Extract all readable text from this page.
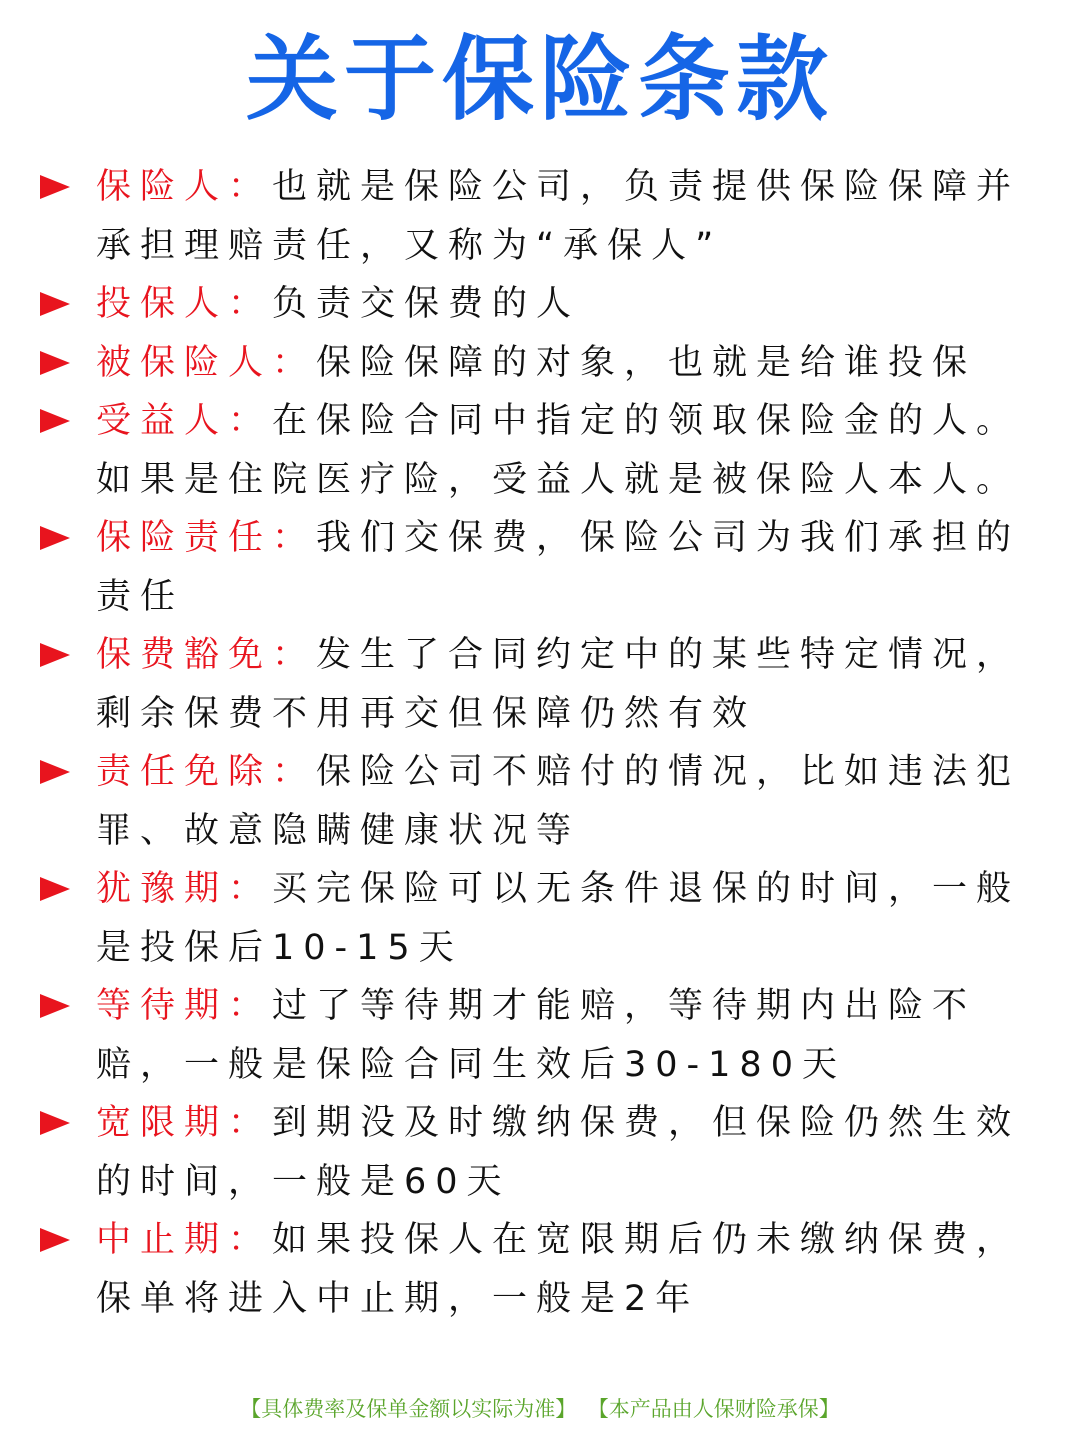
关于保险条款
保险人：也就是保险公司，负责提供保险保障并承担理赔责任，又称为“承保人”
投保人：负责交保费的人
被保险人：保险保障的对象，也就是给谁投保
受益人：在保险合同中指定的领取保险金的人。如果是住院医疗险，受益人就是被保险人本人。
保险责任：我们交保费，保险公司为我们承担的责任
保费豁免：发生了合同约定中的某些特定情况，剩余保费不用再交但保障仍然有效
责任免除：保险公司不赔付的情况，比如违法犯罪、故意隐瞒健康状况等
犹豫期：买完保险可以无条件退保的时间，一般是投保后10-15天
等待期：过了等待期才能赔，等待期内出险不赔，一般是保险合同生效后30-180天
宽限期：到期没及时缴纳保费，但保险仍然生效的时间，一般是60天
中止期：如果投保人在宽限期后仍未缴纳保费，保单将进入中止期，一般是2年
【具体费率及保单金额以实际为准】 【本产品由人保财险承保】
